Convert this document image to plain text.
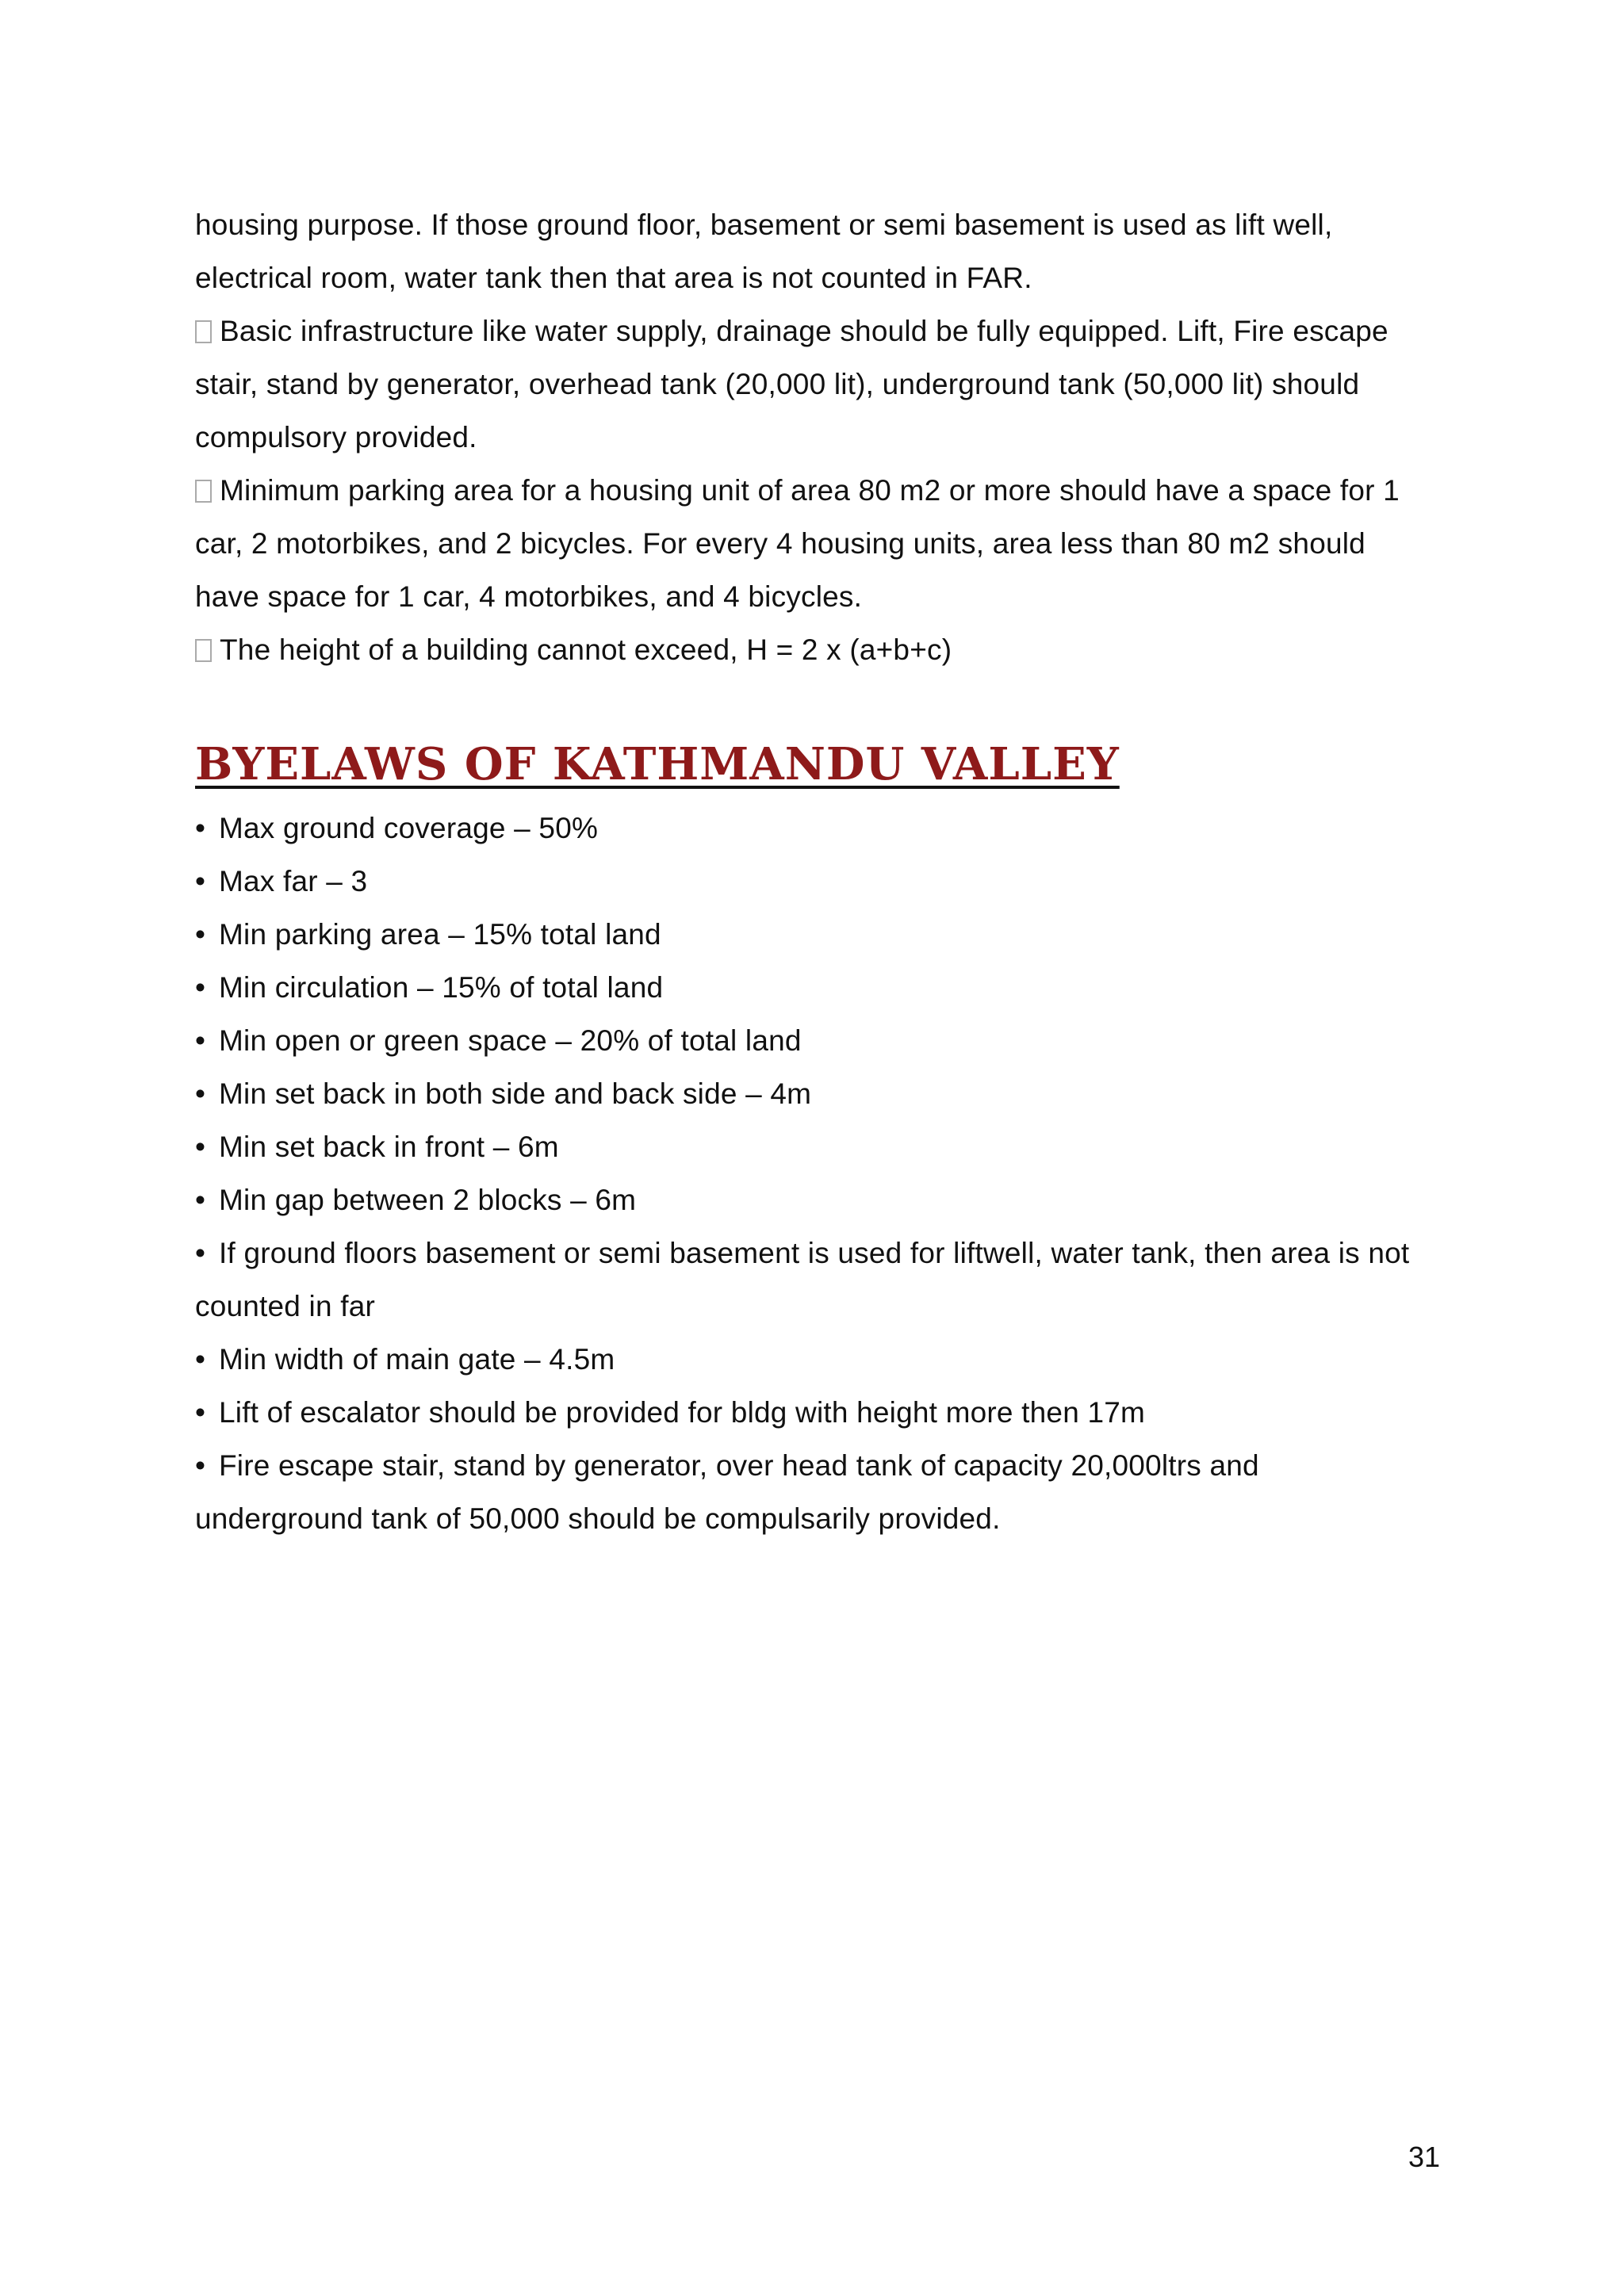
housing purpose. If those ground floor, basement or semi basement is used as lift well,
electrical room, water tank then that area is not counted in FAR.
Basic infrastructure like water supply, drainage should be fully equipped. Lift, Fire escape
stair, stand by generator, overhead tank (20,000 lit), underground tank (50,000 lit) should
compulsory provided.
Minimum parking area for a housing unit of area 80 m2 or more should have a space for 1
car, 2 motorbikes, and 2 bicycles. For every 4 housing units, area less than 80 m2 should
have space for 1 car, 4 motorbikes, and 4 bicycles.
The height of a building cannot exceed, H = 2 x (a+b+c)
BYELAWS OF KATHMANDU VALLEY
• Max ground coverage – 50%
• Max far – 3
• Min parking area – 15% total land
• Min circulation – 15% of total land
• Min open or green space – 20% of total land
• Min set back in both side and back side – 4m
• Min set back in front – 6m
• Min gap between 2 blocks – 6m
• If ground floors basement or semi basement is used for liftwell, water tank, then area is not counted in far
• Min width of main gate – 4.5m
• Lift of escalator should be provided for bldg with height more then 17m
• Fire escape stair, stand by generator, over head tank of capacity 20,000ltrs and underground tank of 50,000 should be compulsarily provided.
31
